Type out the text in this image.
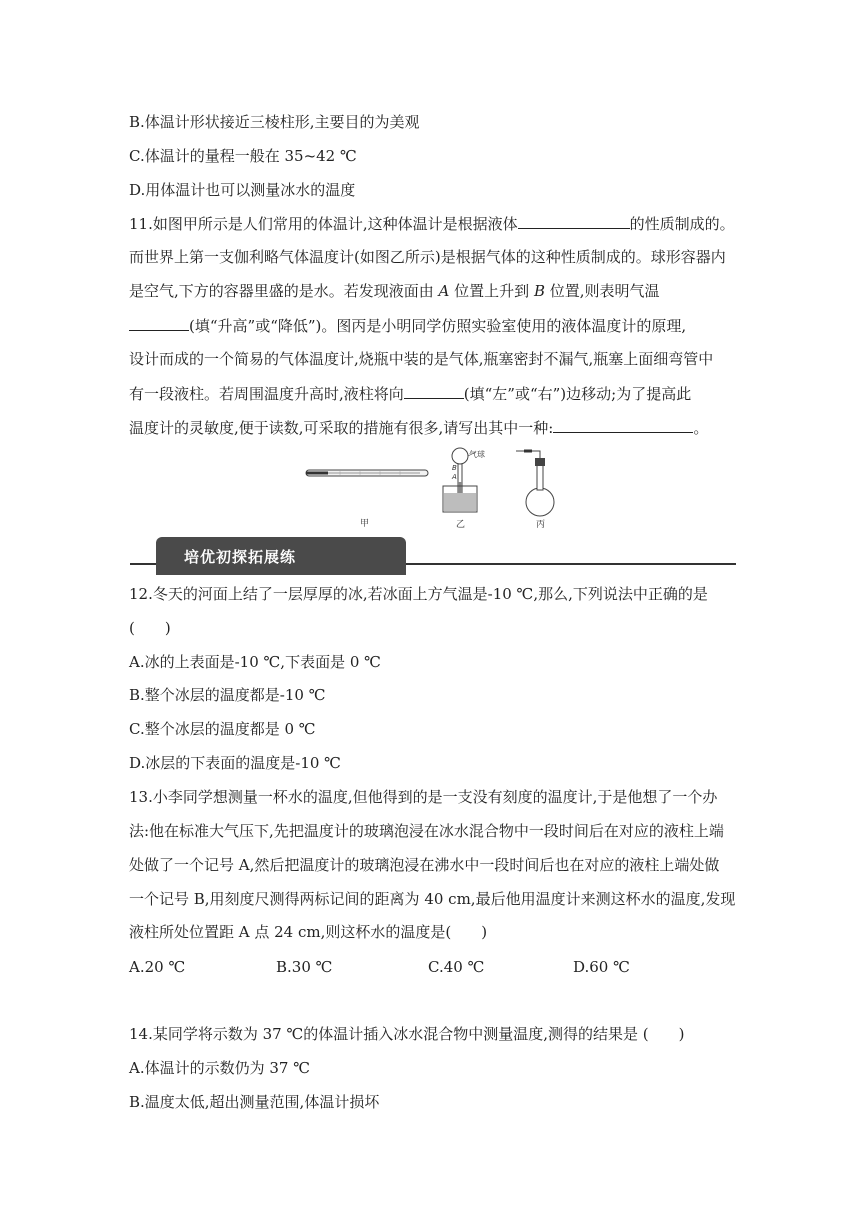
B.体温计形状接近三棱柱形,主要目的为美观
C.体温计的量程一般在 35~42 ℃
D.用体温计也可以测量冰水的温度
11.如图甲所示是人们常用的体温计,这种体温计是根据液体	的性质制成的。
而世界上第一支伽利略气体温度计(如图乙所示)是根据气体的这种性质制成的。球形容器内
是空气,下方的容器里盛的是水。若发现液面由 A 位置上升到 B 位置,则表明气温
(填“升高”或“降低”)。图丙是小明同学仿照实验室使用的液体温度计的原理,
设计而成的一个简易的气体温度计,烧瓶中装的是气体,瓶塞密封不漏气,瓶塞上面细弯管中
有一段液柱。若周围温度升高时,液柱将向	(填“左”或“右”)边移动;为了提高此
温度计的灵敏度,便于读数,可采取的措施有很多,请写出其中一种:	。
甲	乙	丙
气球
B
A
培优初探拓展练
12.冬天的河面上结了一层厚厚的冰,若冰面上方气温是-10 ℃,那么,下列说法中正确的是
(　　)
A.冰的上表面是-10 ℃,下表面是 0 ℃
B.整个冰层的温度都是-10 ℃
C.整个冰层的温度都是 0 ℃
D.冰层的下表面的温度是-10 ℃
13.小李同学想测量一杯水的温度,但他得到的是一支没有刻度的温度计,于是他想了一个办
法:他在标准大气压下,先把温度计的玻璃泡浸在冰水混合物中一段时间后在对应的液柱上端
处做了一个记号 A,然后把温度计的玻璃泡浸在沸水中一段时间后也在对应的液柱上端处做
一个记号 B,用刻度尺测得两标记间的距离为 40 cm,最后他用温度计来测这杯水的温度,发现
液柱所处位置距 A 点 24 cm,则这杯水的温度是(　　)
A.20 ℃	B.30 ℃	C.40 ℃	D.60 ℃
14.某同学将示数为 37 ℃的体温计插入冰水混合物中测量温度,测得的结果是 (　　)
A.体温计的示数仍为 37 ℃
B.温度太低,超出测量范围,体温计损坏
